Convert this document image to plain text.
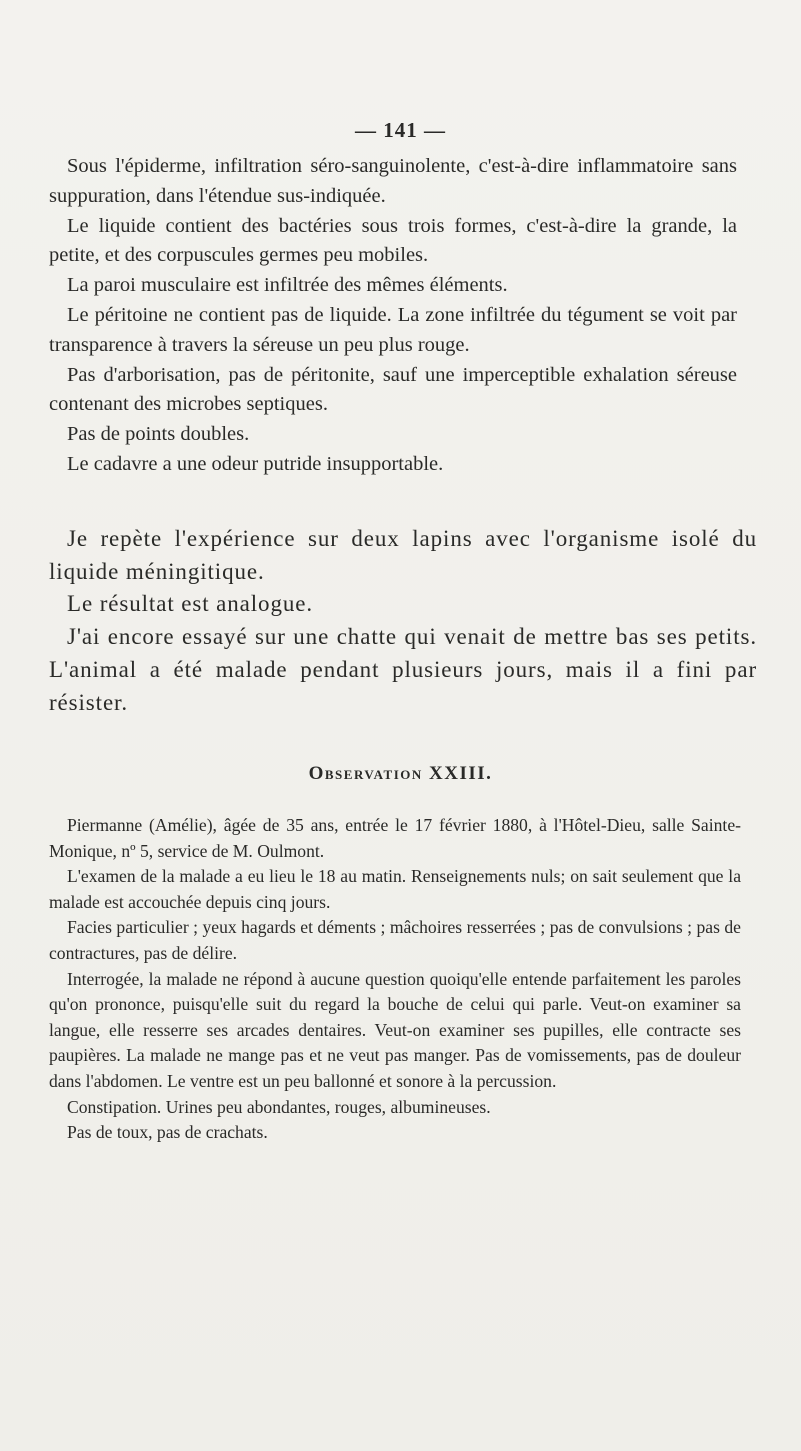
— 141 —

Sous l'épiderme, infiltration séro-sanguinolente, c'est-à-dire inflammatoire sans suppuration, dans l'étendue sus-indiquée.

Le liquide contient des bactéries sous trois formes, c'est-à-dire la grande, la petite, et des corpuscules germes peu mobiles.

La paroi musculaire est infiltrée des mêmes éléments.

Le péritoine ne contient pas de liquide. La zone infiltrée du tégument se voit par transparence à travers la séreuse un peu plus rouge.

Pas d'arborisation, pas de péritonite, sauf une imperceptible exhalation séreuse contenant des microbes septiques.

Pas de points doubles.

Le cadavre a une odeur putride insupportable.

Je repète l'expérience sur deux lapins avec l'organisme isolé du liquide méningitique.

Le résultat est analogue.

J'ai encore essayé sur une chatte qui venait de mettre bas ses petits. L'animal a été malade pendant plusieurs jours, mais il a fini par résister.

Observation XXIII.

Piermanne (Amélie), âgée de 35 ans, entrée le 17 février 1880, à l'Hôtel-Dieu, salle Sainte-Monique, nº 5, service de M. Oulmont.

L'examen de la malade a eu lieu le 18 au matin. Renseignements nuls; on sait seulement que la malade est accouchée depuis cinq jours.

Facies particulier ; yeux hagards et déments ; mâchoires resserrées ; pas de convulsions ; pas de contractures, pas de délire.

Interrogée, la malade ne répond à aucune question quoiqu'elle entende parfaitement les paroles qu'on prononce, puisqu'elle suit du regard la bouche de celui qui parle. Veut-on examiner sa langue, elle resserre ses arcades dentaires. Veut-on examiner ses pupilles, elle contracte ses paupières. La malade ne mange pas et ne veut pas manger. Pas de vomissements, pas de douleur dans l'abdomen. Le ventre est un peu ballonné et sonore à la percussion.

Constipation. Urines peu abondantes, rouges, albumineuses.

Pas de toux, pas de crachats.
